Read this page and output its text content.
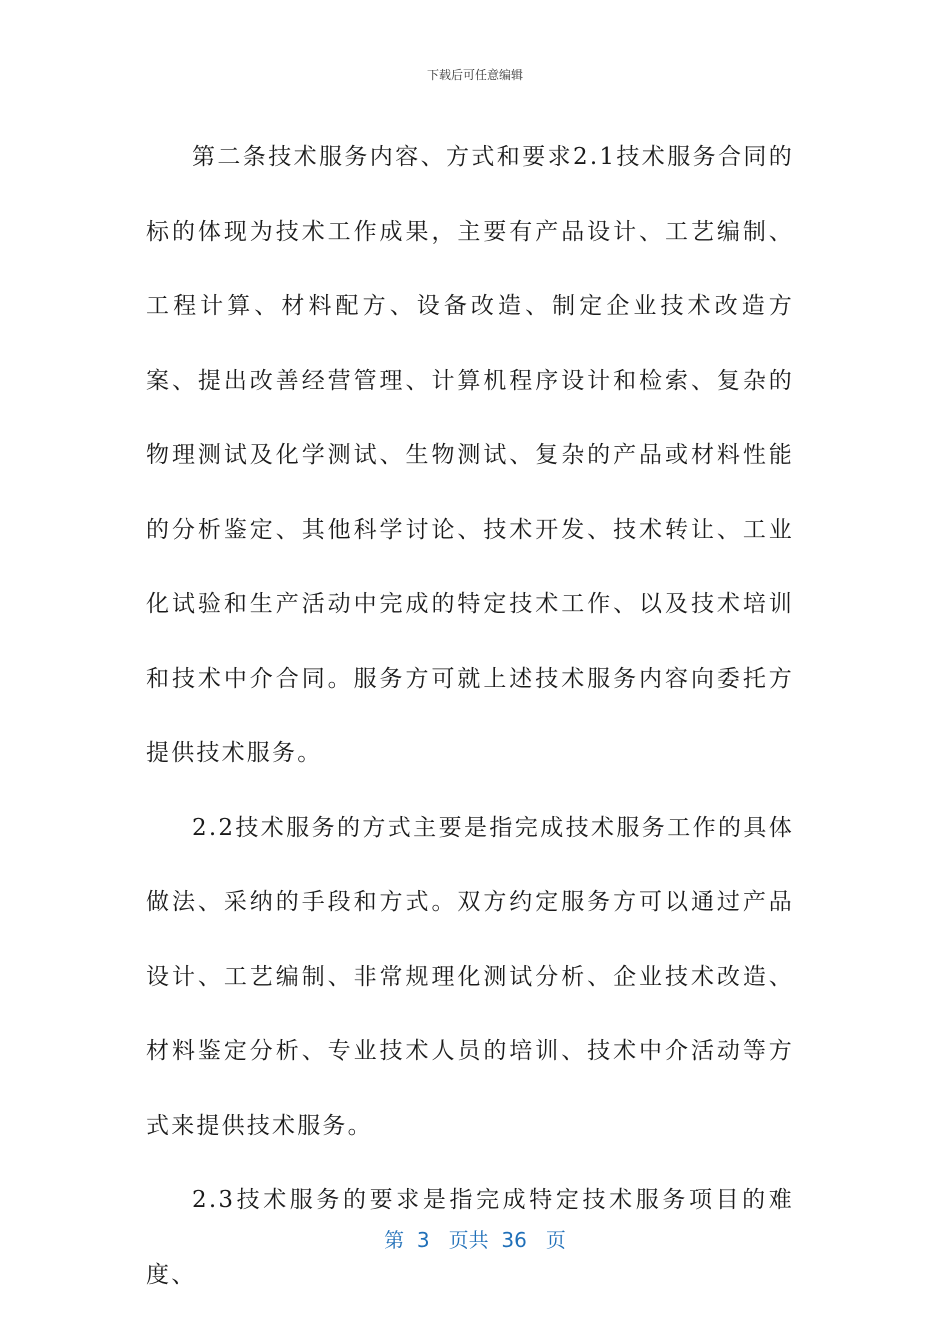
下载后可任意编辑

第二条技术服务内容、方式和要求2.1技术服务合同的标的体现为技术工作成果，主要有产品设计、工艺编制、工程计算、材料配方、设备改造、制定企业技术改造方案、提出改善经营管理、计算机程序设计和检索、复杂的物理测试及化学测试、生物测试、复杂的产品或材料性能的分析鉴定、其他科学讨论、技术开发、技术转让、工业化试验和生产活动中完成的特定技术工作、以及技术培训和技术中介合同。服务方可就上述技术服务内容向委托方提供技术服务。

2.2技术服务的方式主要是指完成技术服务工作的具体做法、采纳的手段和方式。双方约定服务方可以通过产品设计、工艺编制、非常规理化测试分析、企业技术改造、材料鉴定分析、专业技术人员的培训、技术中介活动等方式来提供技术服务。

2.3技术服务的要求是指完成特定技术服务项目的难度、

第  3   页共  36   页
